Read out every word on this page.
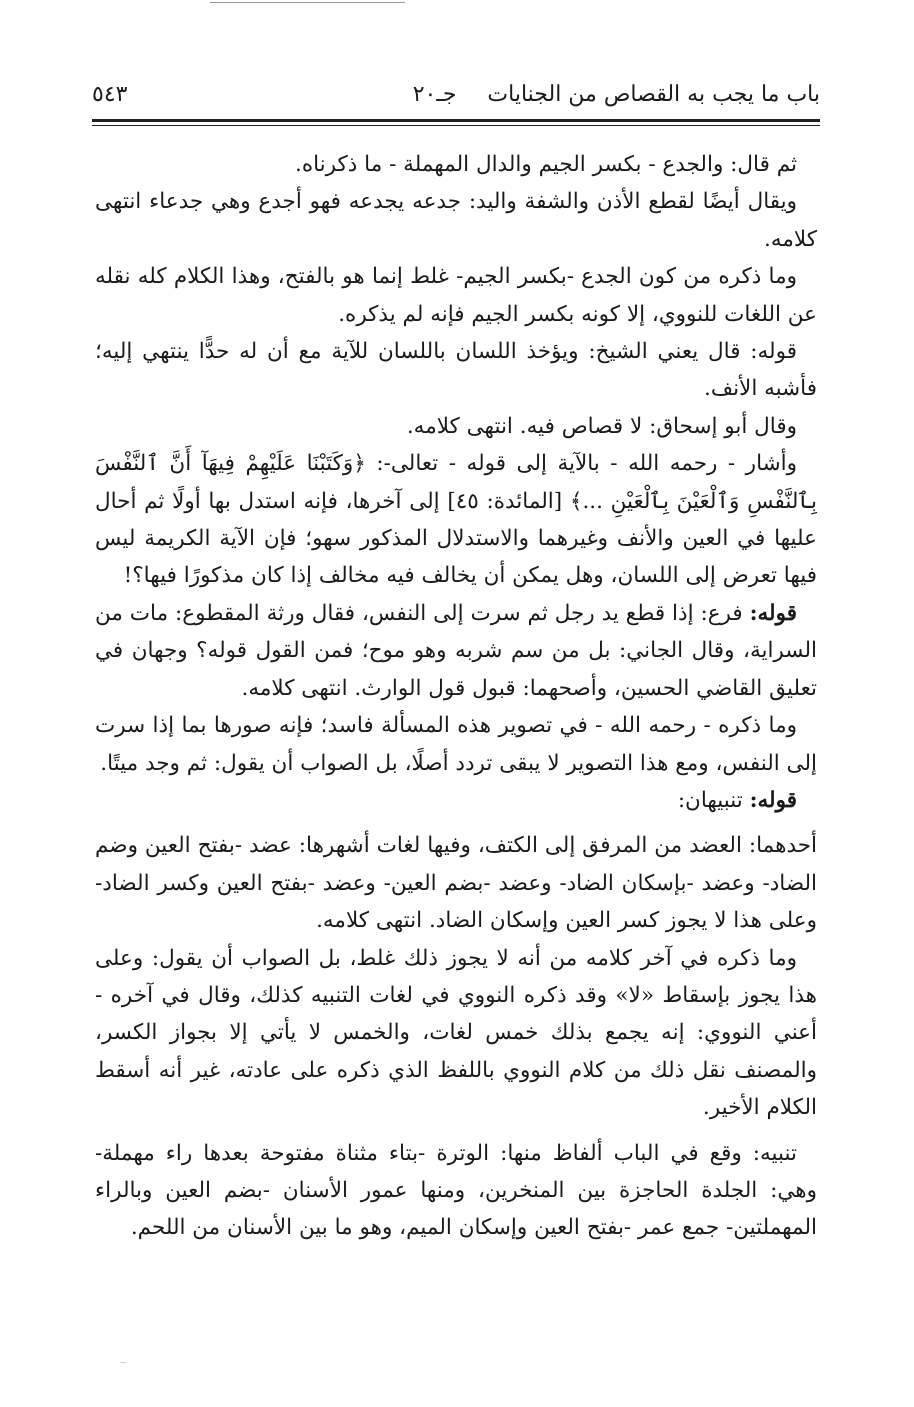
باب ما يجب به القصاص من الجنايات جـ٢٠
٥٤٣

ثم قال: والجدع - بكسر الجيم والدال المهملة - ما ذكرناه.

ويقال أيضًا لقطع الأذن والشفة واليد: جدعه يجدعه فهو أجدع وهي جدعاء انتهى كلامه.

وما ذكره من كون الجدع -بكسر الجيم- غلط إنما هو بالفتح، وهذا الكلام كله نقله عن اللغات للنووي، إلا كونه بكسر الجيم فإنه لم يذكره.

قوله: قال يعني الشيخ: ويؤخذ اللسان باللسان للآية مع أن له حدًّا ينتهي إليه؛ فأشبه الأنف.

وقال أبو إسحاق: لا قصاص فيه. انتهى كلامه.

وأشار - رحمه الله - بالآية إلى قوله - تعالى-: ﴿وَكَتَبْنَا عَلَيْهِمْ فِيهَآ أَنَّ ٱلنَّفْسَ بِٱلنَّفْسِ وَٱلْعَيْنَ بِٱلْعَيْنِ ...﴾ [المائدة: ٤٥] إلى آخرها، فإنه استدل بها أولًا ثم أحال عليها في العين والأنف وغيرهما والاستدلال المذكور سهو؛ فإن الآية الكريمة ليس فيها تعرض إلى اللسان، وهل يمكن أن يخالف فيه مخالف إذا كان مذكورًا فيها؟!

قوله: فرع: إذا قطع يد رجل ثم سرت إلى النفس، فقال ورثة المقطوع: مات من السراية، وقال الجاني: بل من سم شربه وهو موح؛ فمن القول قوله؟ وجهان في تعليق القاضي الحسين، وأصحهما: قبول قول الوارث. انتهى كلامه.

وما ذكره - رحمه الله - في تصوير هذه المسألة فاسد؛ فإنه صورها بما إذا سرت إلى النفس، ومع هذا التصوير لا يبقى تردد أصلًا، بل الصواب أن يقول: ثم وجد ميتًا.

قوله: تنبيهان:

أحدهما: العضد من المرفق إلى الكتف، وفيها لغات أشهرها: عضد -بفتح العين وضم الضاد- وعضد -بإسكان الضاد- وعضد -بضم العين- وعضد -بفتح العين وكسر الضاد- وعلى هذا لا يجوز كسر العين وإسكان الضاد. انتهى كلامه.

وما ذكره في آخر كلامه من أنه لا يجوز ذلك غلط، بل الصواب أن يقول: وعلى هذا يجوز بإسقاط «لا» وقد ذكره النووي في لغات التنبيه كذلك، وقال في آخره - أعني النووي: إنه يجمع بذلك خمس لغات، والخمس لا يأتي إلا بجواز الكسر، والمصنف نقل ذلك من كلام النووي باللفظ الذي ذكره على عادته، غير أنه أسقط الكلام الأخير.

تنبيه: وقع في الباب ألفاظ منها: الوترة -بتاء مثناة مفتوحة بعدها راء مهملة- وهي: الجلدة الحاجزة بين المنخرين، ومنها عمور الأسنان -بضم العين وبالراء المهملتين- جمع عمر -بفتح العين وإسكان الميم، وهو ما بين الأسنان من اللحم.
